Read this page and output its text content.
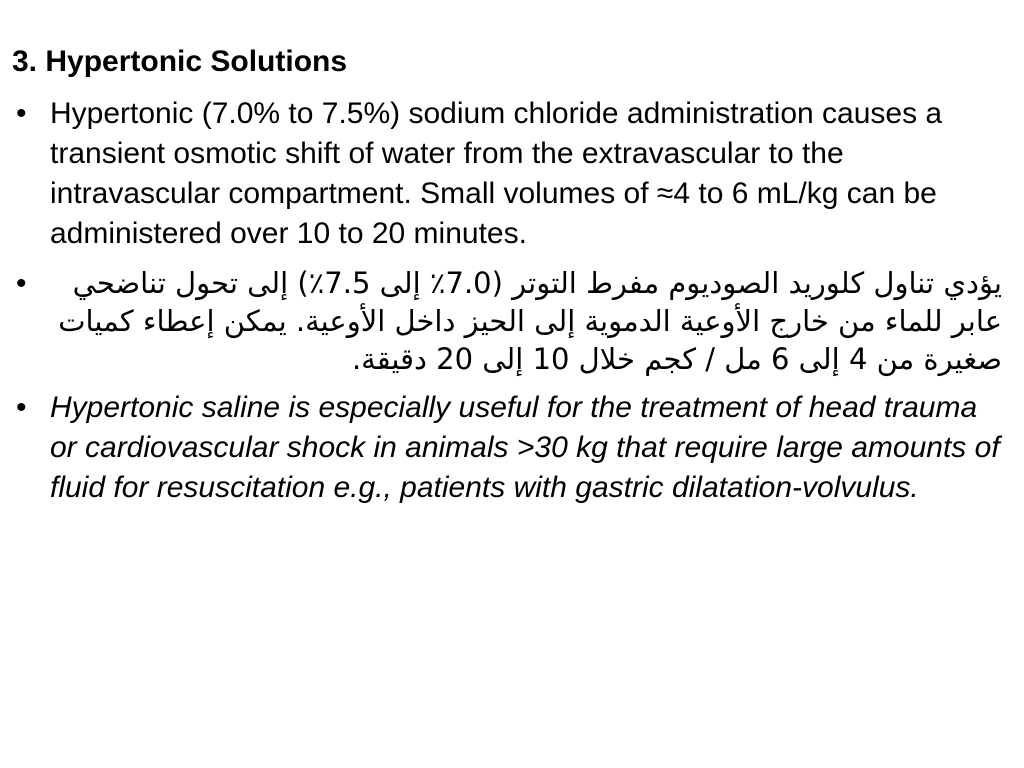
3. Hypertonic Solutions
• Hypertonic (7.0% to 7.5%) sodium chloride administration causes a transient osmotic shift of water from the extravascular to the intravascular compartment. Small volumes of ≈4 to 6 mL/kg can be administered over 10 to 20 minutes.
•	يؤدي تناول كلوريد الصوديوم مفرط التوتر (7.0٪ إلى 7.5٪) إلى تحول تناضحي عابر للماء من خارج الأوعية الدموية إلى الحيز داخل الأوعية. يمكن إعطاء كميات صغيرة من 4 إلى 6 مل / كجم خلال 10 إلى 20 دقيقة.
• Hypertonic saline is especially useful for the treatment of head trauma or cardiovascular shock in animals >30 kg that require large amounts of fluid for resuscitation e.g., patients with gastric dilatation-volvulus.
